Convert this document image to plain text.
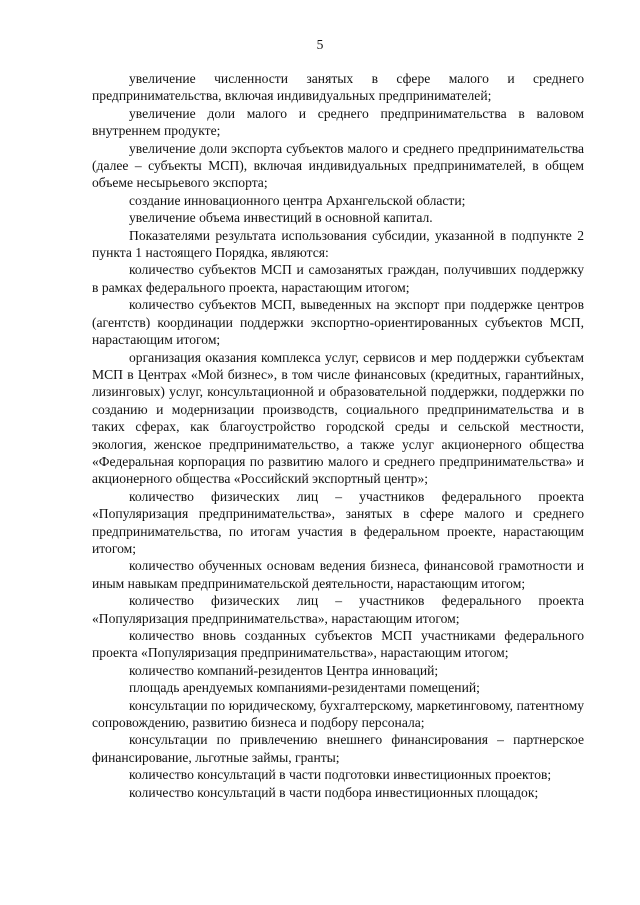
5

увеличение численности занятых в сфере малого и среднего предпринимательства, включая индивидуальных предпринимателей;

увеличение доли малого и среднего предпринимательства в валовом внутреннем продукте;

увеличение доли экспорта субъектов малого и среднего предпринимательства (далее – субъекты МСП), включая индивидуальных предпринимателей, в общем объеме несырьевого экспорта;

создание инновационного центра Архангельской области;

увеличение объема инвестиций в основной капитал.

Показателями результата использования субсидии, указанной в подпункте 2 пункта 1 настоящего Порядка, являются:

количество субъектов МСП и самозанятых граждан, получивших поддержку в рамках федерального проекта, нарастающим итогом;

количество субъектов МСП, выведенных на экспорт при поддержке центров (агентств) координации поддержки экспортно-ориентированных субъектов МСП, нарастающим итогом;

организация оказания комплекса услуг, сервисов и мер поддержки субъектам МСП в Центрах «Мой бизнес», в том числе финансовых (кредитных, гарантийных, лизинговых) услуг, консультационной и образовательной поддержки, поддержки по созданию и модернизации производств, социального предпринимательства и в таких сферах, как благоустройство городской среды и сельской местности, экология, женское предпринимательство, а также услуг акционерного общества «Федеральная корпорация по развитию малого и среднего предпринимательства» и акционерного общества «Российский экспортный центр»;

количество физических лиц – участников федерального проекта «Популяризация предпринимательства», занятых в сфере малого и среднего предпринимательства, по итогам участия в федеральном проекте, нарастающим итогом;

количество обученных основам ведения бизнеса, финансовой грамотности и иным навыкам предпринимательской деятельности, нарастающим итогом;

количество физических лиц – участников федерального проекта «Популяризация предпринимательства», нарастающим итогом;

количество вновь созданных субъектов МСП участниками федерального проекта «Популяризация предпринимательства», нарастающим итогом;

количество компаний-резидентов Центра инноваций;

площадь арендуемых компаниями-резидентами помещений;

консультации по юридическому, бухгалтерскому, маркетинговому, патентному сопровождению, развитию бизнеса и подбору персонала;

консультации по привлечению внешнего финансирования – партнерское финансирование, льготные займы, гранты;

количество консультаций в части подготовки инвестиционных проектов;

количество консультаций в части подбора инвестиционных площадок;
